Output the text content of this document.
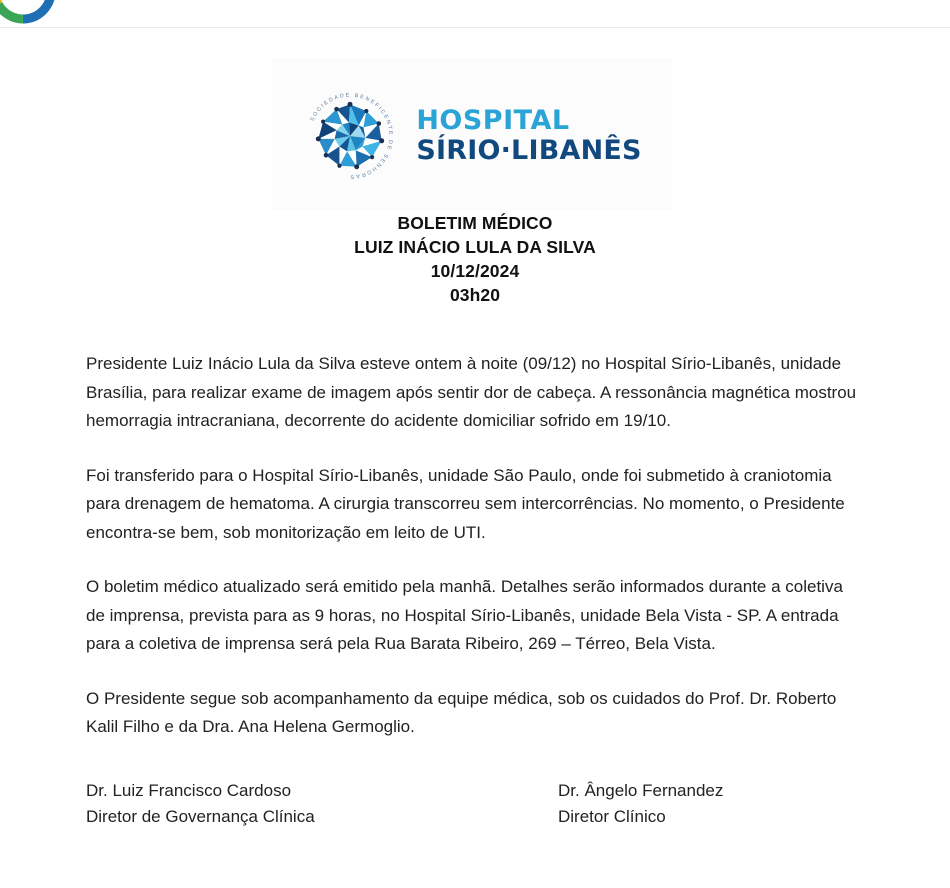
SOCIEDADE BENEFICENTE DE SENHORAS
HOSPITAL
SÍRIO·LIBANÊS
BOLETIM MÉDICO
LUIZ INÁCIO LULA DA SILVA
10/12/2024
03h20

Presidente Luiz Inácio Lula da Silva esteve ontem à noite (09/12) no Hospital Sírio-Libanês, unidade Brasília, para realizar exame de imagem após sentir dor de cabeça. A ressonância magnética mostrou hemorragia intracraniana, decorrente do acidente domiciliar sofrido em 19/10.

Foi transferido para o Hospital Sírio-Libanês, unidade São Paulo, onde foi submetido à craniotomia para drenagem de hematoma. A cirurgia transcorreu sem intercorrências. No momento, o Presidente encontra-se bem, sob monitorização em leito de UTI.

O boletim médico atualizado será emitido pela manhã. Detalhes serão informados durante a coletiva de imprensa, prevista para as 9 horas, no Hospital Sírio-Libanês, unidade Bela Vista - SP. A entrada para a coletiva de imprensa será pela Rua Barata Ribeiro, 269 – Térreo, Bela Vista.

O Presidente segue sob acompanhamento da equipe médica, sob os cuidados do Prof. Dr. Roberto Kalil Filho e da Dra. Ana Helena Germoglio.

Dr. Luiz Francisco Cardoso
Diretor de Governança Clínica
Dr. Ângelo Fernandez
Diretor Clínico
